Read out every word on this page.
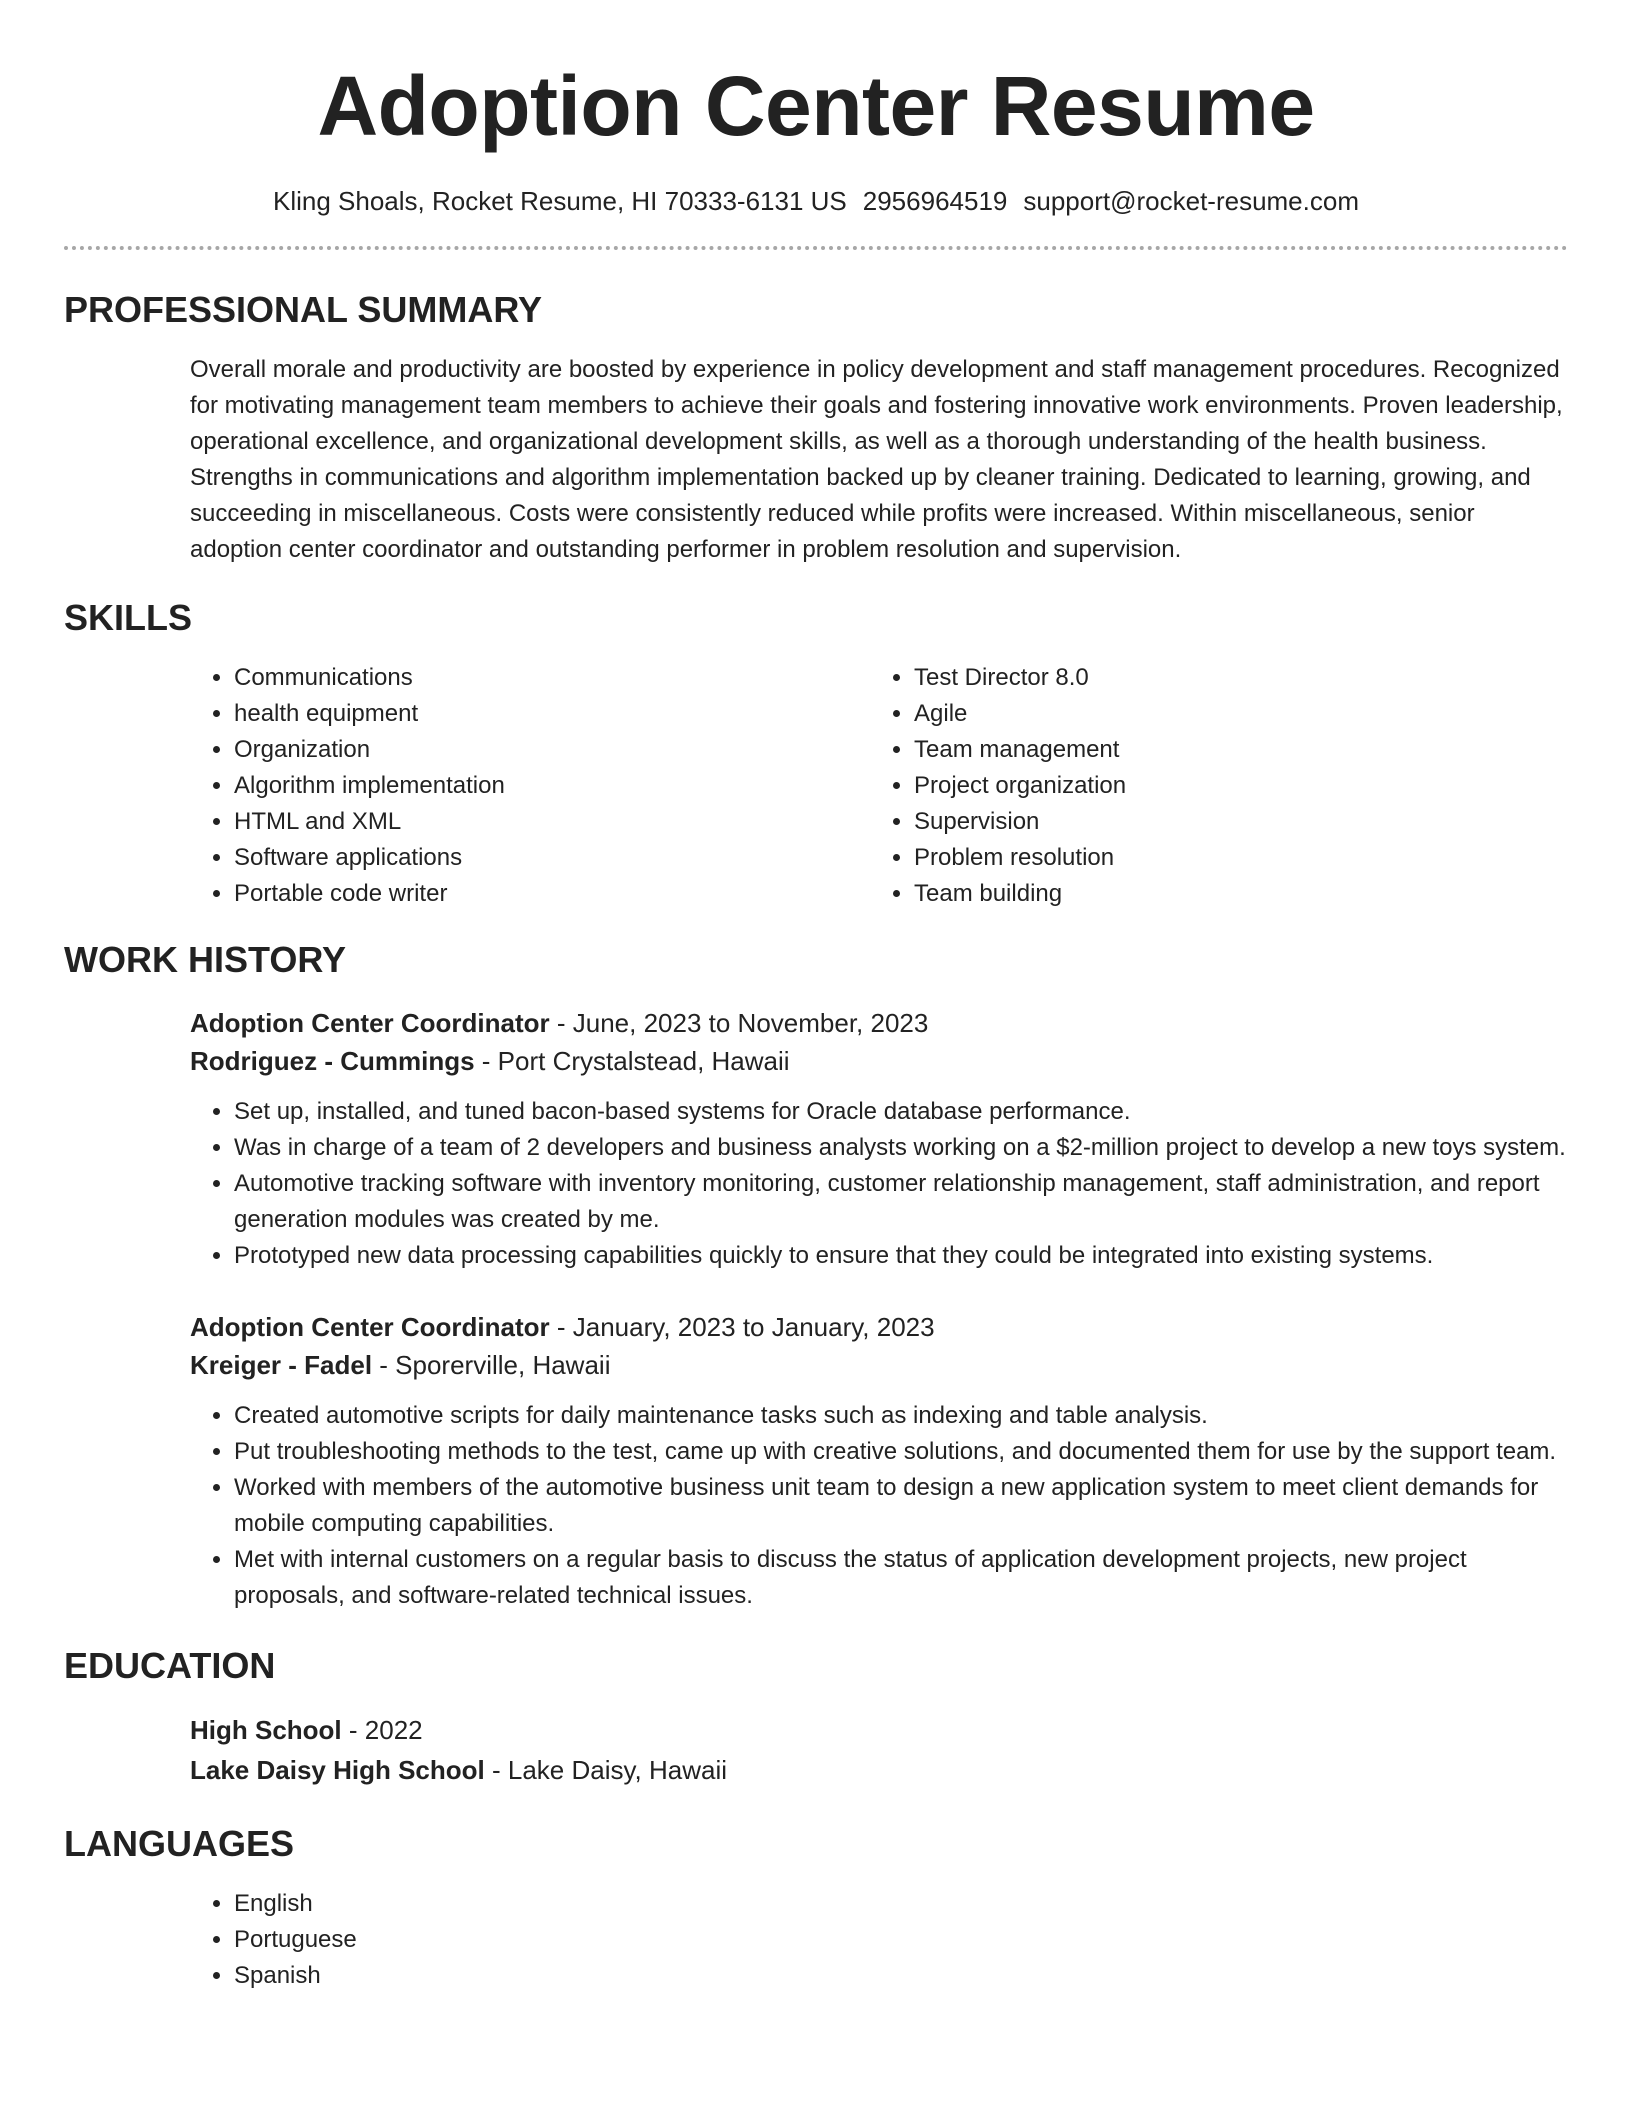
Adoption Center Resume
Kling Shoals, Rocket Resume, HI 70333-6131 US 2956964519 support@rocket-resume.com
PROFESSIONAL SUMMARY
Overall morale and productivity are boosted by experience in policy development and staff management procedures. Recognized for motivating management team members to achieve their goals and fostering innovative work environments. Proven leadership, operational excellence, and organizational development skills, as well as a thorough understanding of the health business. Strengths in communications and algorithm implementation backed up by cleaner training. Dedicated to learning, growing, and succeeding in miscellaneous. Costs were consistently reduced while profits were increased. Within miscellaneous, senior adoption center coordinator and outstanding performer in problem resolution and supervision.
SKILLS
• Communications
• health equipment
• Organization
• Algorithm implementation
• HTML and XML
• Software applications
• Portable code writer
• Test Director 8.0
• Agile
• Team management
• Project organization
• Supervision
• Problem resolution
• Team building
WORK HISTORY
Adoption Center Coordinator - June, 2023 to November, 2023
Rodriguez - Cummings - Port Crystalstead, Hawaii
• Set up, installed, and tuned bacon-based systems for Oracle database performance.
• Was in charge of a team of 2 developers and business analysts working on a $2-million project to develop a new toys system.
• Automotive tracking software with inventory monitoring, customer relationship management, staff administration, and report generation modules was created by me.
• Prototyped new data processing capabilities quickly to ensure that they could be integrated into existing systems.
Adoption Center Coordinator - January, 2023 to January, 2023
Kreiger - Fadel - Sporerville, Hawaii
• Created automotive scripts for daily maintenance tasks such as indexing and table analysis.
• Put troubleshooting methods to the test, came up with creative solutions, and documented them for use by the support team.
• Worked with members of the automotive business unit team to design a new application system to meet client demands for mobile computing capabilities.
• Met with internal customers on a regular basis to discuss the status of application development projects, new project proposals, and software-related technical issues.
EDUCATION
High School - 2022
Lake Daisy High School - Lake Daisy, Hawaii
LANGUAGES
• English
• Portuguese
• Spanish
